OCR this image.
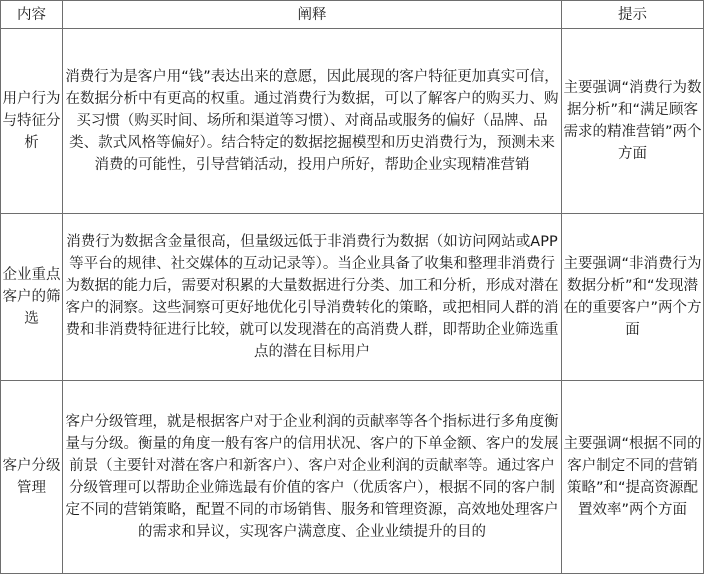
内容	阐释	提示
用户行为与特征分析	消费行为是客户用“钱”表达出来的意愿，因此展现的客户特征更加真实可信，在数据分析中有更高的权重。通过消费行为数据，可以了解客户的购买力、购买习惯（购买时间、场所和渠道等习惯）、对商品或服务的偏好（品牌、品类、款式风格等偏好）。结合特定的数据挖掘模型和历史消费行为，预测未来消费的可能性，引导营销活动，投用户所好，帮助企业实现精准营销	主要强调“消费行为数据分析”和“满足顾客需求的精准营销”两个方面
企业重点客户的筛选	消费行为数据含金量很高，但量级远低于非消费行为数据（如访问网站或APP等平台的规律、社交媒体的互动记录等）。当企业具备了收集和整理非消费行为数据的能力后，需要对积累的大量数据进行分类、加工和分析，形成对潜在客户的洞察。这些洞察可更好地优化引导消费转化的策略，或把相同人群的消费和非消费特征进行比较，就可以发现潜在的高消费人群，即帮助企业筛选重点的潜在目标用户	主要强调“非消费行为数据分析”和“发现潜在的重要客户”两个方面
客户分级管理	客户分级管理，就是根据客户对于企业利润的贡献率等各个指标进行多角度衡量与分级。衡量的角度一般有客户的信用状况、客户的下单金额、客户的发展前景（主要针对潜在客户和新客户）、客户对企业利润的贡献率等。通过客户分级管理可以帮助企业筛选最有价值的客户（优质客户），根据不同的客户制定不同的营销策略，配置不同的市场销售、服务和管理资源，高效地处理客户的需求和异议，实现客户满意度、企业业绩提升的目的	主要强调“根据不同的客户制定不同的营销策略”和“提高资源配置效率”两个方面
